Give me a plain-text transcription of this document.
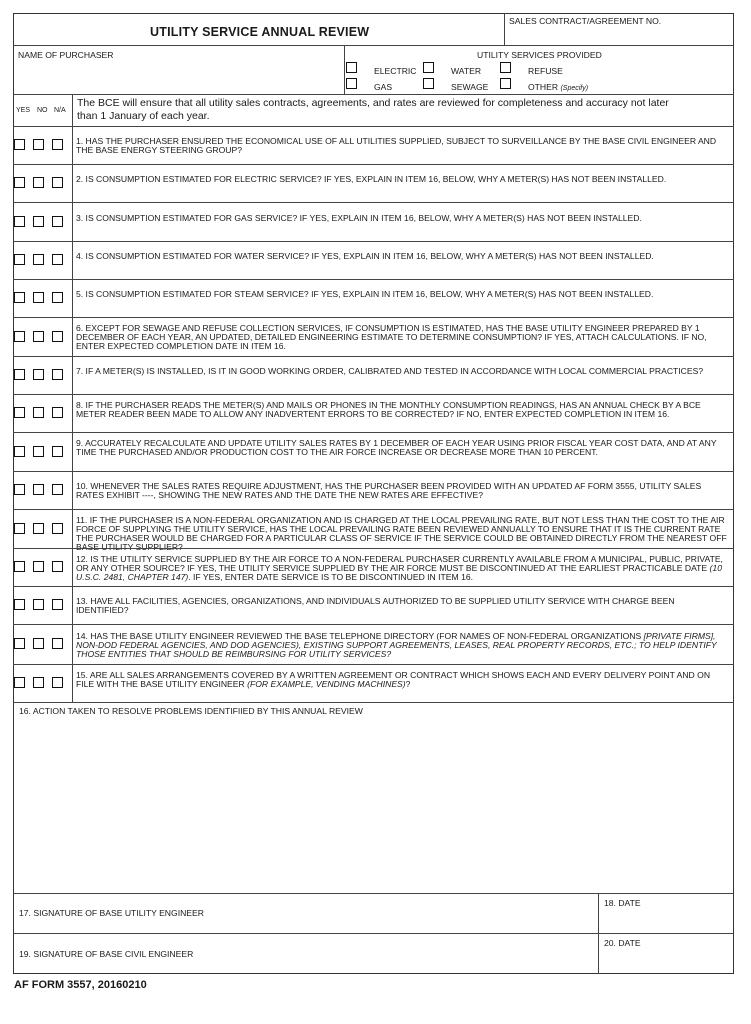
UTILITY SERVICE ANNUAL REVIEW
SALES CONTRACT/AGREEMENT NO.
NAME OF PURCHASER	UTILITY SERVICES PROVIDED
ELECTRIC	WATER	REFUSE
GAS	SEWAGE	OTHER (Specify)
YES NO N/A
The BCE will ensure that all utility sales contracts, agreements, and rates are reviewed for completeness and accuracy not later
than 1 January of each year.
1. HAS THE PURCHASER ENSURED THE ECONOMICAL USE OF ALL UTILITIES SUPPLIED, SUBJECT TO SURVEILLANCE BY THE BASE CIVIL ENGINEER AND THE BASE ENERGY STEERING GROUP?
2. IS CONSUMPTION ESTIMATED FOR ELECTRIC SERVICE? IF YES, EXPLAIN IN ITEM 16, BELOW, WHY A METER(S) HAS NOT BEEN INSTALLED.
3. IS CONSUMPTION ESTIMATED FOR GAS SERVICE? IF YES, EXPLAIN IN ITEM 16, BELOW, WHY A METER(S) HAS NOT BEEN INSTALLED.
4. IS CONSUMPTION ESTIMATED FOR WATER SERVICE? IF YES, EXPLAIN IN ITEM 16, BELOW, WHY A METER(S) HAS NOT BEEN INSTALLED.
5. IS CONSUMPTION ESTIMATED FOR STEAM SERVICE? IF YES, EXPLAIN IN ITEM 16, BELOW, WHY A METER(S) HAS NOT BEEN INSTALLED.
6. EXCEPT FOR SEWAGE AND REFUSE COLLECTION SERVICES, IF CONSUMPTION IS ESTIMATED, HAS THE BASE UTILITY ENGINEER PREPARED BY 1 DECEMBER OF EACH YEAR, AN UPDATED, DETAILED ENGINEERING ESTIMATE TO DETERMINE CONSUMPTION? IF YES, ATTACH CALCULATIONS. IF NO, ENTER EXPECTED COMPLETION DATE IN ITEM 16.
7. IF A METER(S) IS INSTALLED, IS IT IN GOOD WORKING ORDER, CALIBRATED AND TESTED IN ACCORDANCE WITH LOCAL COMMERCIAL PRACTICES?
8. IF THE PURCHASER READS THE METER(S) AND MAILS OR PHONES IN THE MONTHLY CONSUMPTION READINGS, HAS AN ANNUAL CHECK BY A BCE METER READER BEEN MADE TO ALLOW ANY INADVERTENT ERRORS TO BE CORRECTED? IF NO, ENTER EXPECTED COMPLETION IN ITEM 16.
9. ACCURATELY RECALCULATE AND UPDATE UTILITY SALES RATES BY 1 DECEMBER OF EACH YEAR USING PRIOR FISCAL YEAR COST DATA, AND AT ANY TIME THE PURCHASED AND/OR PRODUCTION COST TO THE AIR FORCE INCREASE OR DECREASE MORE THAN 10 PERCENT.
10. WHENEVER THE SALES RATES REQUIRE ADJUSTMENT, HAS THE PURCHASER BEEN PROVIDED WITH AN UPDATED AF FORM 3555, UTILITY SALES RATES EXHIBIT ----, SHOWING THE NEW RATES AND THE DATE THE NEW RATES ARE EFFECTIVE?
11. IF THE PURCHASER IS A NON-FEDERAL ORGANIZATION AND IS CHARGED AT THE LOCAL PREVAILING RATE, BUT NOT LESS THAN THE COST TO THE AIR FORCE OF SUPPLYING THE UTILITY SERVICE, HAS THE LOCAL PREVAILING RATE BEEN REVIEWED ANNUALLY TO ENSURE THAT IT IS THE CURRENT RATE THE PURCHASER WOULD BE CHARGED FOR A PARTICULAR CLASS OF SERVICE IF THE SERVICE COULD BE OBTAINED DIRECTLY FROM THE NEAREST OFF BASE UTILITY SUPPLIER?
12. IS THE UTILITY SERVICE SUPPLIED BY THE AIR FORCE TO A NON-FEDERAL PURCHASER CURRENTLY AVAILABLE FROM A MUNICIPAL, PUBLIC, PRIVATE, OR ANY OTHER SOURCE? IF YES, THE UTILITY SERVICE SUPPLIED BY THE AIR FORCE MUST BE DISCONTINUED AT THE EARLIEST PRACTICABLE DATE (10 U.S.C. 2481, CHAPTER 147). IF YES, ENTER DATE SERVICE IS TO BE DISCONTINUED IN ITEM 16.
13. HAVE ALL FACILITIES, AGENCIES, ORGANIZATIONS, AND INDIVIDUALS AUTHORIZED TO BE SUPPLIED UTILITY SERVICE WITH CHARGE BEEN IDENTIFIED?
14. HAS THE BASE UTILITY ENGINEER REVIEWED THE BASE TELEPHONE DIRECTORY (FOR NAMES OF NON-FEDERAL ORGANIZATIONS [PRIVATE FIRMS], NON-DOD FEDERAL AGENCIES, AND DOD AGENCIES), EXISTING SUPPORT AGREEMENTS, LEASES, REAL PROPERTY RECORDS, ETC.; TO HELP IDENTIFY THOSE ENTITIES THAT SHOULD BE REIMBURSING FOR UTILITY SERVICES?
15. ARE ALL SALES ARRANGEMENTS COVERED BY A WRITTEN AGREEMENT OR CONTRACT WHICH SHOWS EACH AND EVERY DELIVERY POINT AND ON FILE WITH THE BASE UTILITY ENGINEER (FOR EXAMPLE, VENDING MACHINES)?
16. ACTION TAKEN TO RESOLVE PROBLEMS IDENTIFIIED BY THIS ANNUAL REVIEW
17. SIGNATURE OF BASE UTILITY ENGINEER
18. DATE
19. SIGNATURE OF BASE CIVIL ENGINEER
20. DATE
AF FORM 3557, 20160210
